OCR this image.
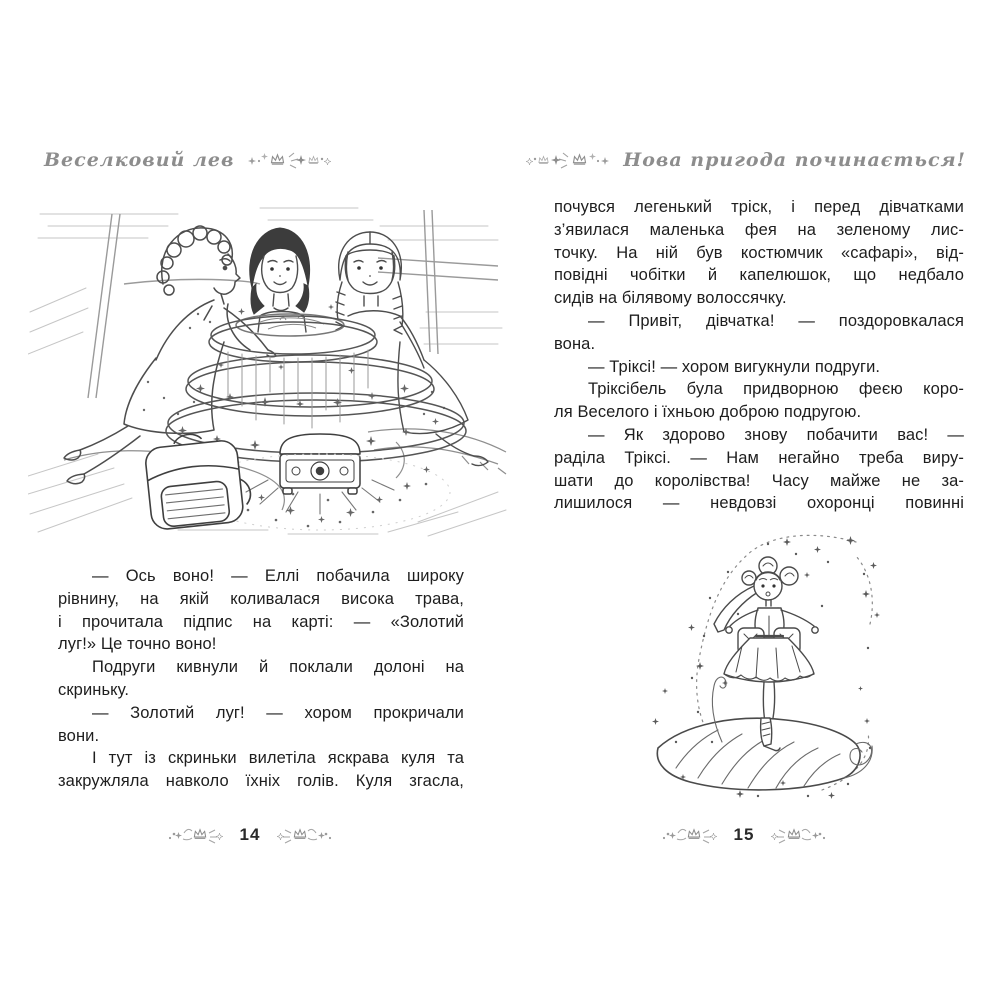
Веселковий лев
— Ось воно! — Еллі побачила широку
рівнину, на якій коливалася висока трава,
і прочитала підпис на карті: — «Золотий
луг!» Це точно воно!
Подруги кивнули й поклали долоні на
скриньку.
— Золотий луг! — хором прокричали
вони.
І тут із скриньки вилетіла яскрава куля та
закружляла навколо їхніх голів. Куля згасла,
14
Нова пригода починається!
почувся легенький тріск, і перед дівчатками
з’явилася маленька фея на зеленому лис-
точку. На ній був костюмчик «сафарі», від-
повідні чобітки й капелюшок, що недбало
сидів на білявому волоссячку.
— Привіт, дівчатка! — поздоровкалася
вона.
— Тріксі! — хором вигукнули подруги.
Тріксібель була придворною феєю коро-
ля Веселого і їхньою доброю подругою.
— Як здорово знову побачити вас! —
раділа Тріксі. — Нам негайно треба виру-
шати до королівства! Часу майже не за-
лишилося — невдовзі охоронці повинні
15
